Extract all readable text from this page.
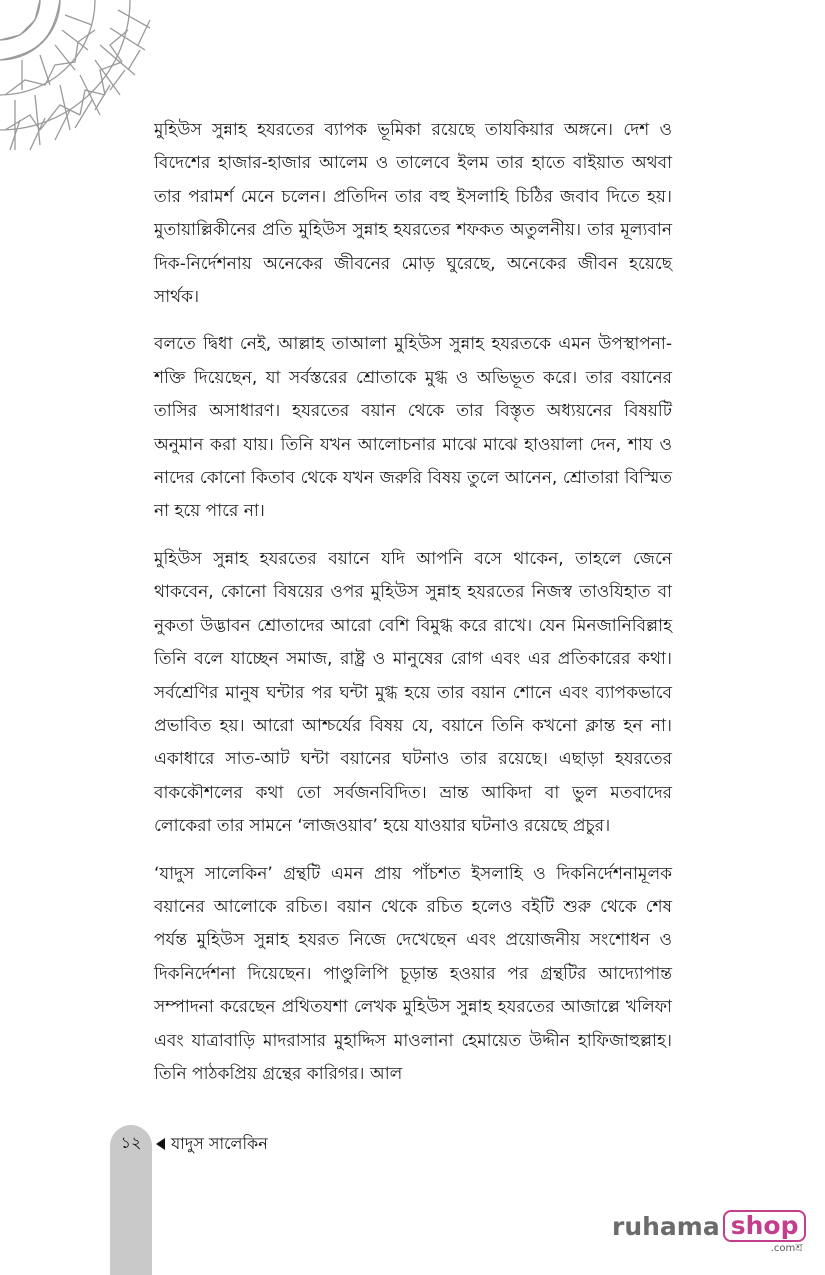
মুহিউস সুন্নাহ হযরতের ব্যাপক ভূমিকা রয়েছে তাযকিয়ার অঙ্গনে। দেশ ও বিদেশের হাজার-হাজার আলেম ও তালেবে ইলম তার হাতে বাইয়াত অথবা তার পরামর্শ মেনে চলেন। প্রতিদিন তার বহু ইসলাহি চিঠির জবাব দিতে হয়। মুতায়াল্লিকীনের প্রতি মুহিউস সুন্নাহ হযরতের শফকত অতুলনীয়। তার মূল্যবান দিক-নির্দেশনায় অনেকের জীবনের মোড় ঘুরেছে, অনেকের জীবন হয়েছে সার্থক।

বলতে দ্বিধা নেই, আল্লাহ তাআলা মুহিউস সুন্নাহ হযরতকে এমন উপস্থাপনা-শক্তি দিয়েছেন, যা সর্বস্তরের শ্রোতাকে মুগ্ধ ও অভিভূত করে। তার বয়ানের তাসির অসাধারণ। হযরতের বয়ান থেকে তার বিস্তৃত অধ্যয়নের বিষয়টি অনুমান করা যায়। তিনি যখন আলোচনার মাঝে মাঝে হাওয়ালা দেন, শায ও নাদের কোনো কিতাব থেকে যখন জরুরি বিষয় তুলে আনেন, শ্রোতারা বিস্মিত না হয়ে পারে না।

মুহিউস সুন্নাহ হযরতের বয়ানে যদি আপনি বসে থাকেন, তাহলে জেনে থাকবেন, কোনো বিষয়ের ওপর মুহিউস সুন্নাহ হযরতের নিজস্ব তাওযিহাত বা নুকতা উদ্ভাবন শ্রোতাদের আরো বেশি বিমুগ্ধ করে রাখে। যেন মিনজানিবিল্লাহ তিনি বলে যাচ্ছেন সমাজ, রাষ্ট্র ও মানুষের রোগ এবং এর প্রতিকারের কথা। সর্বশ্রেণির মানুষ ঘন্টার পর ঘন্টা মুগ্ধ হয়ে তার বয়ান শোনে এবং ব্যাপকভাবে প্রভাবিত হয়। আরো আশ্চর্যের বিষয় যে, বয়ানে তিনি কখনো ক্লান্ত হন না। একাধারে সাত-আট ঘন্টা বয়ানের ঘটনাও তার রয়েছে। এছাড়া হযরতের বাককৌশলের কথা তো সর্বজনবিদিত। ভ্রান্ত আকিদা বা ভুল মতবাদের লোকেরা তার সামনে ‘লাজওয়াব’ হয়ে যাওয়ার ঘটনাও রয়েছে প্রচুর।

‘যাদুস সালেকিন’ গ্রন্থটি এমন প্রায় পাঁচশত ইসলাহি ও দিকনির্দেশনামূলক বয়ানের আলোকে রচিত। বয়ান থেকে রচিত হলেও বইটি শুরু থেকে শেষ পর্যন্ত মুহিউস সুন্নাহ হযরত নিজে দেখেছেন এবং প্রয়োজনীয় সংশোধন ও দিকনির্দেশনা দিয়েছেন। পাণ্ডুলিপি চূড়ান্ত হওয়ার পর গ্রন্থটির আদ্যোপান্ত সম্পাদনা করেছেন প্রথিতযশা লেখক মুহিউস সুন্নাহ হযরতের আজাল্লে খলিফা এবং যাত্রাবাড়ি মাদরাসার মুহাদ্দিস মাওলানা হেমায়েত উদ্দীন হাফিজাহুল্লাহ। তিনি পাঠকপ্রিয় গ্রন্থের কারিগর। আল

১২	যাদুস সালেকিন
ruhama shop
.comশ্র
